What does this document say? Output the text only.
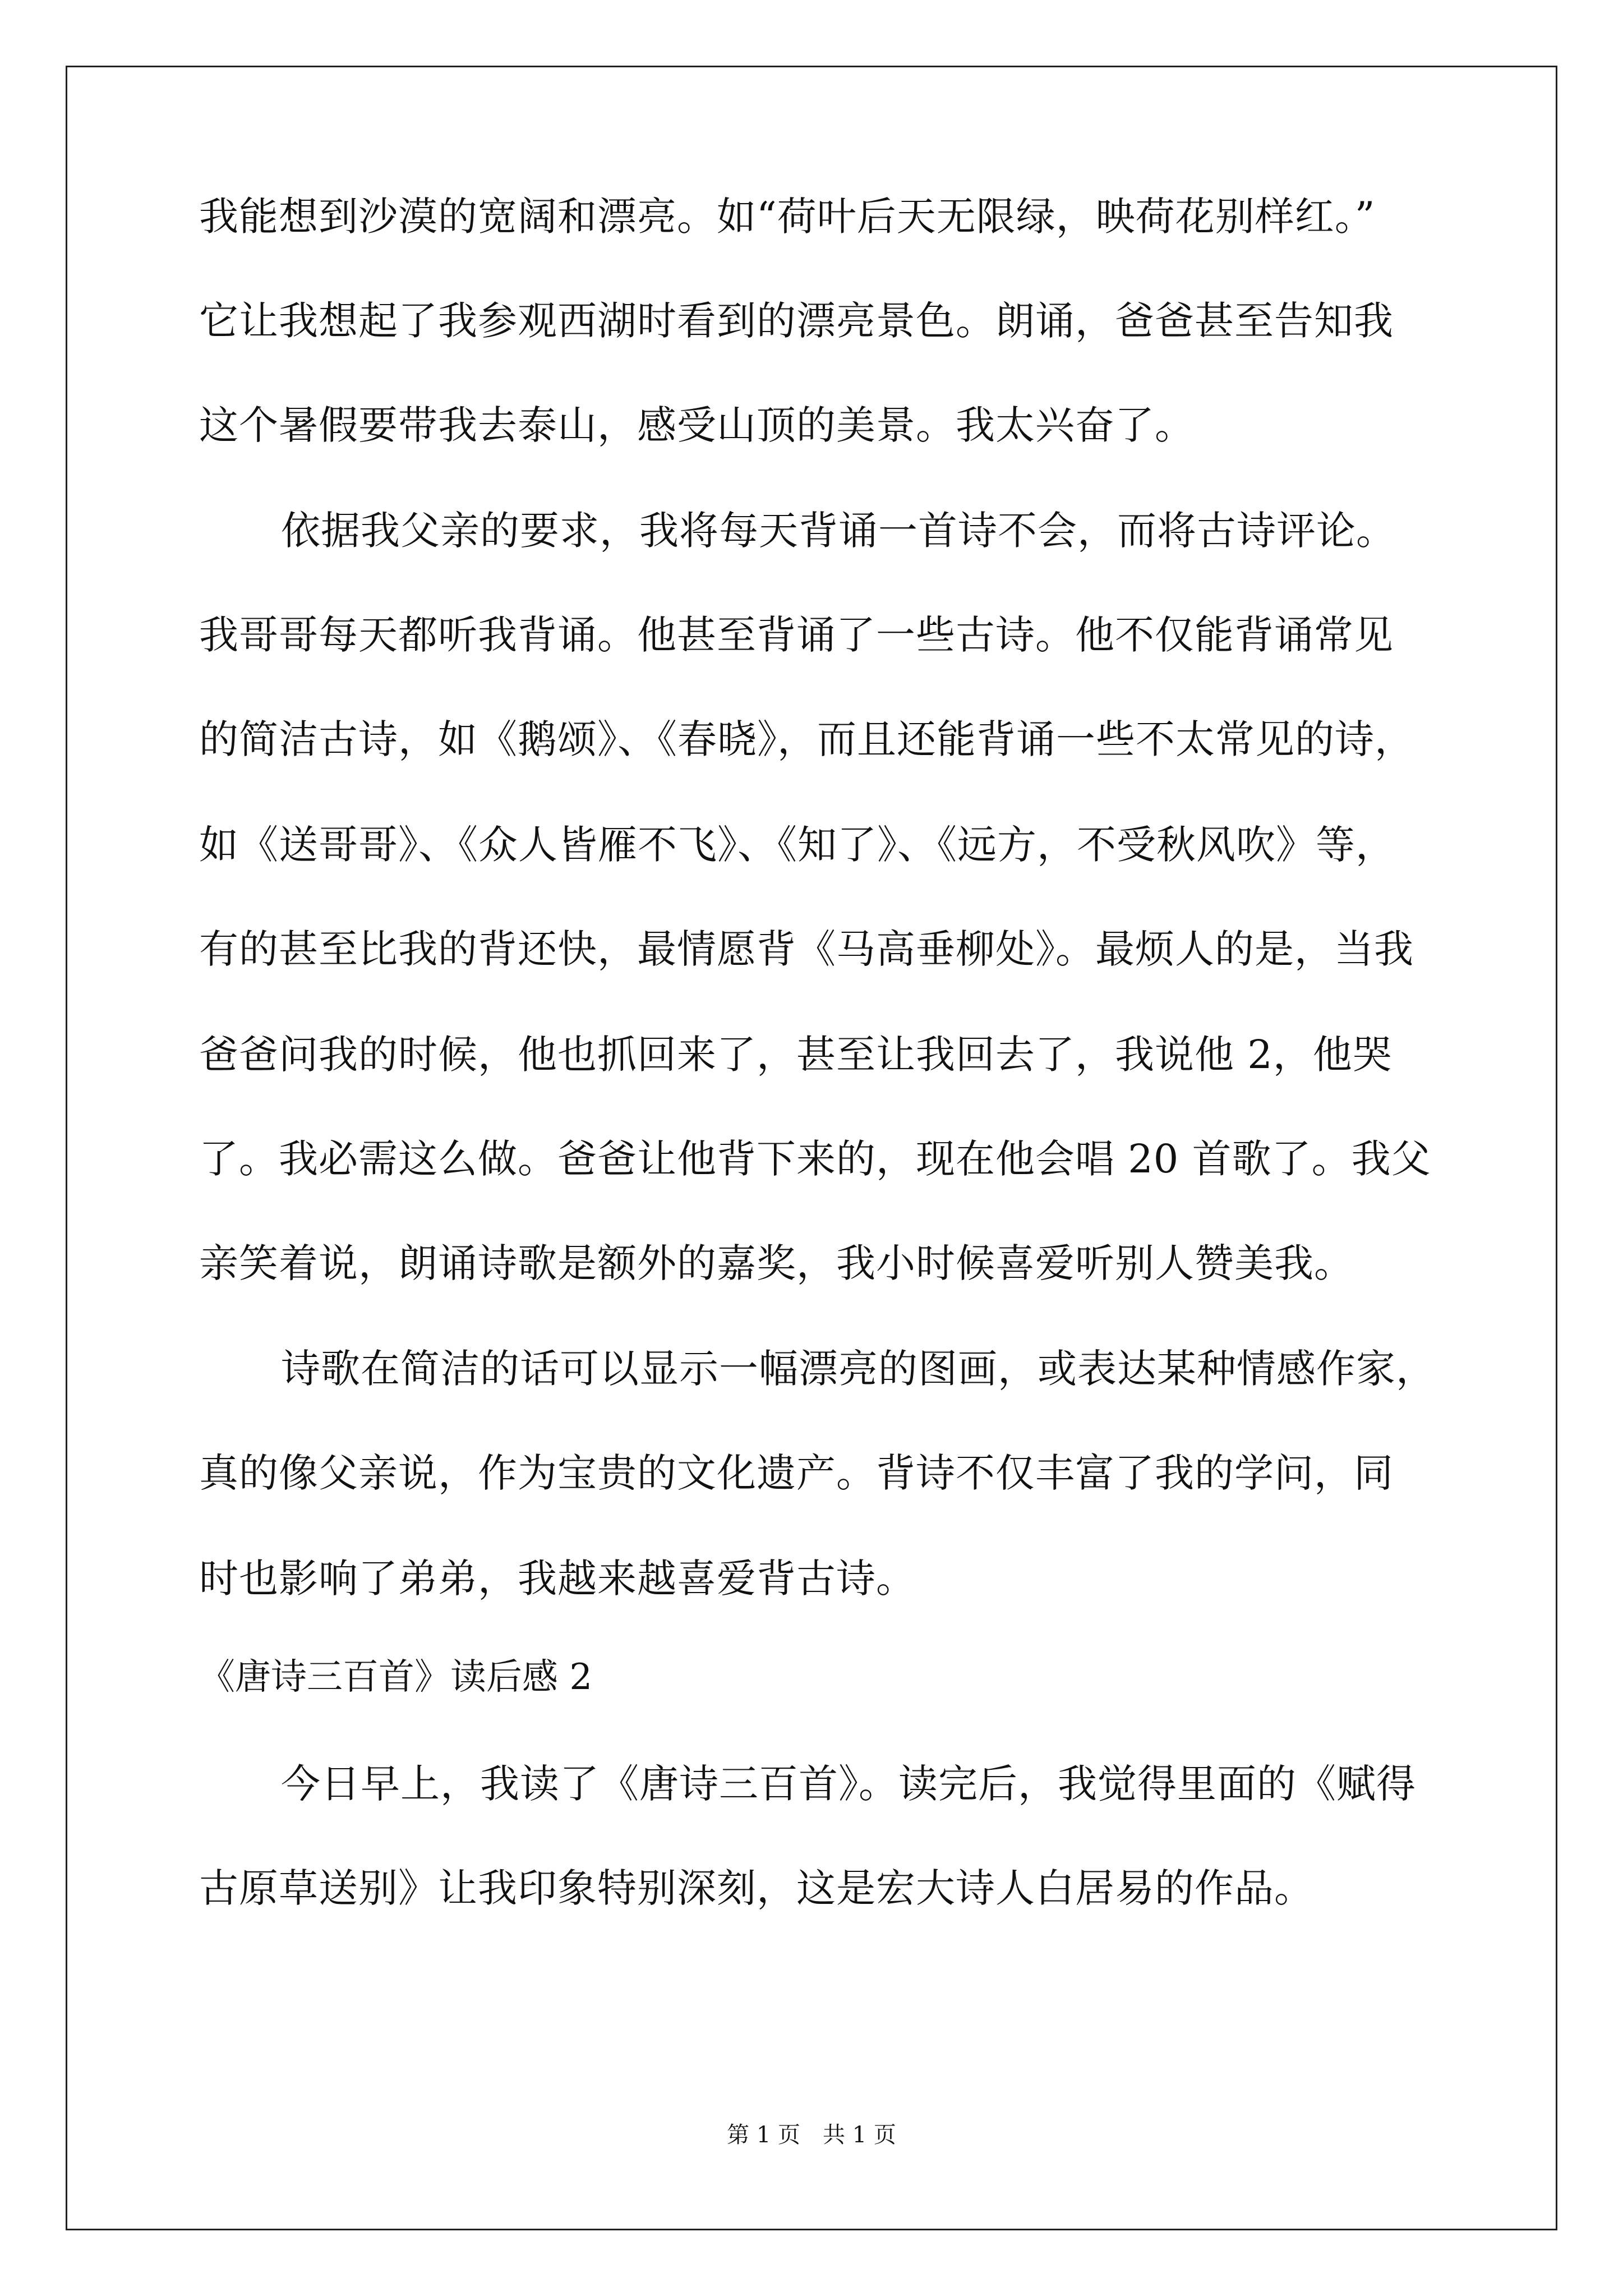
我能想到沙漠的宽阔和漂亮。如“荷叶后天无限绿，映荷花别样红。”
它让我想起了我参观西湖时看到的漂亮景色。朗诵，爸爸甚至告知我
这个暑假要带我去泰山，感受山顶的美景。我太兴奋了。
依据我父亲的要求，我将每天背诵一首诗不会，而将古诗评论。
我哥哥每天都听我背诵。他甚至背诵了一些古诗。他不仅能背诵常见
的简洁古诗，如《鹅颂》、《春晓》，而且还能背诵一些不太常见的诗，
如《送哥哥》、《众人皆雁不飞》、《知了》、《远方，不受秋风吹》等，
有的甚至比我的背还快，最情愿背《马高垂柳处》。最烦人的是，当我
爸爸问我的时候，他也抓回来了，甚至让我回去了，我说他 2，他哭
了。我必需这么做。爸爸让他背下来的，现在他会唱 20 首歌了。我父
亲笑着说，朗诵诗歌是额外的嘉奖，我小时候喜爱听别人赞美我。
诗歌在简洁的话可以显示一幅漂亮的图画，或表达某种情感作家，
真的像父亲说，作为宝贵的文化遗产。背诗不仅丰富了我的学问，同
时也影响了弟弟，我越来越喜爱背古诗。
《唐诗三百首》读后感 2
今日早上，我读了《唐诗三百首》。读完后，我觉得里面的《赋得
古原草送别》让我印象特别深刻，这是宏大诗人白居易的作品。
第 1 页　共 1 页
